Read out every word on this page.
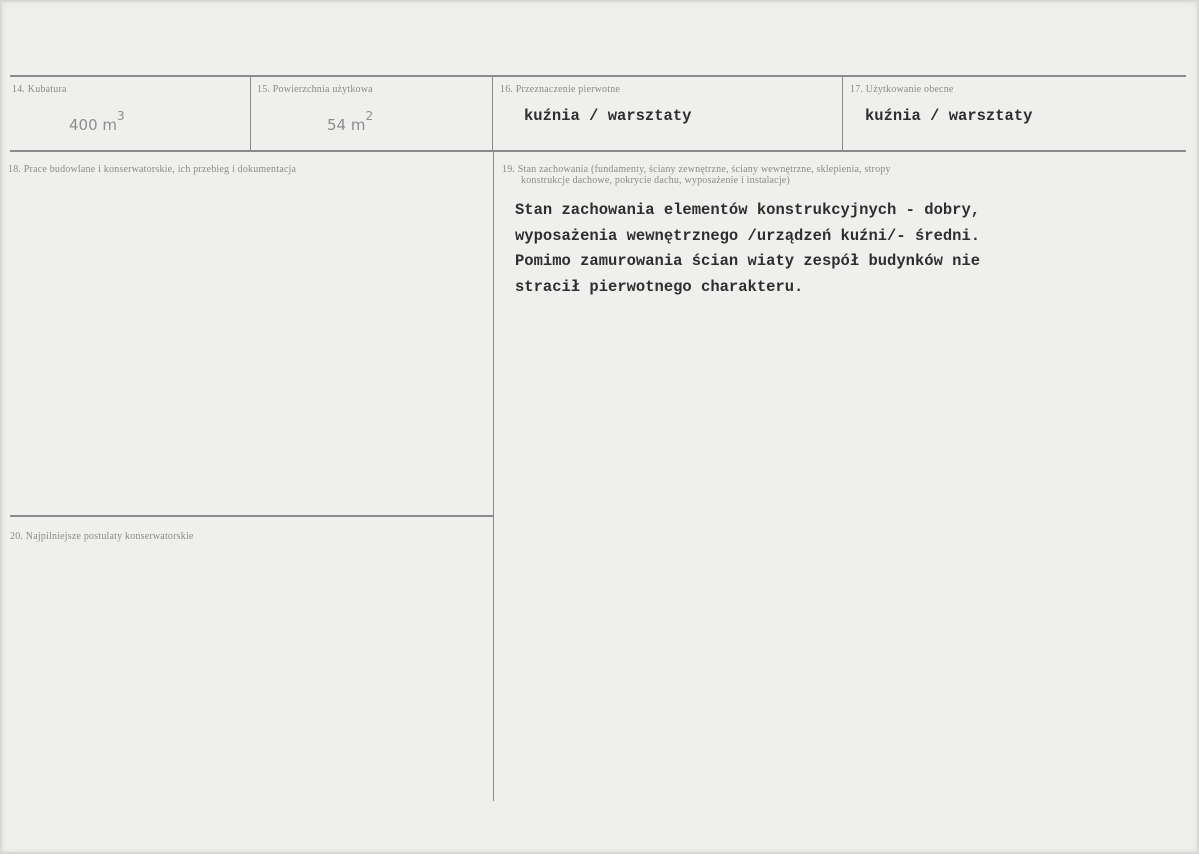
14. Kubatura
400 $m^3$
15. Powierzchnia użytkowa
54 $m^2$
16. Przeznaczenie pierwotne
kuźnia / warsztaty
17. Użytkowanie obecne
kuźnia / warsztaty
18. Prace budowlane i konserwatorskie, ich przebieg i dokumentacja	19. Stan zachowania (fundamenty, ściany zewnętrzne, ściany wewnętrzne, sklepienia, stropy
konstrukcje dachowe, pokrycie dachu, wyposażenie i instalacje)
Stan zachowania elementów konstrukcyjnych - dobry,
wyposażenia wewnętrznego /urządzeń kuźni/- średni.
Pomimo zamurowania ścian wiaty zespół budynków nie
stracił pierwotnego charakteru.
20. Najpilniejsze postulaty konserwatorskie
